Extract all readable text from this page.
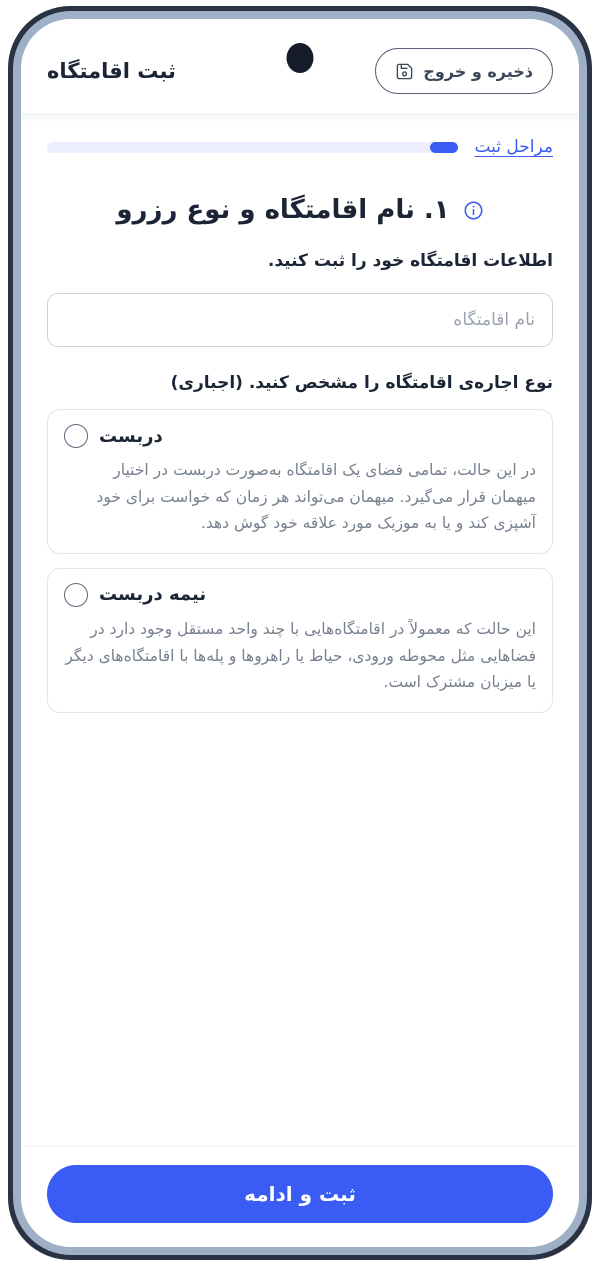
ذخیره و خروج
ثبت اقامتگاه
مراحل ثبت
۱. نام اقامتگاه و نوع رزرو
اطلاعات اقامتگاه خود را ثبت کنید.
نام اقامتگاه
نوع اجاره‌ی اقامتگاه را مشخص کنید. (اجباری)
دربست
در این حالت، تمامی فضای یک اقامتگاه به‌صورت دربست در اختیار میهمان قرار می‌گیرد. میهمان می‌تواند هر زمان که خواست برای خود آشپزی کند و یا به موزیک مورد علاقه خود گوش دهد.
نیمه دربست
این حالت که معمولاً در اقامتگاه‌هایی با چند واحد مستقل وجود دارد در فضاهایی مثل محوطه ورودی، حیاط یا راهروها و پله‌ها با اقامتگاه‌های دیگر یا میزبان مشترک است.
ثبت و ادامه
